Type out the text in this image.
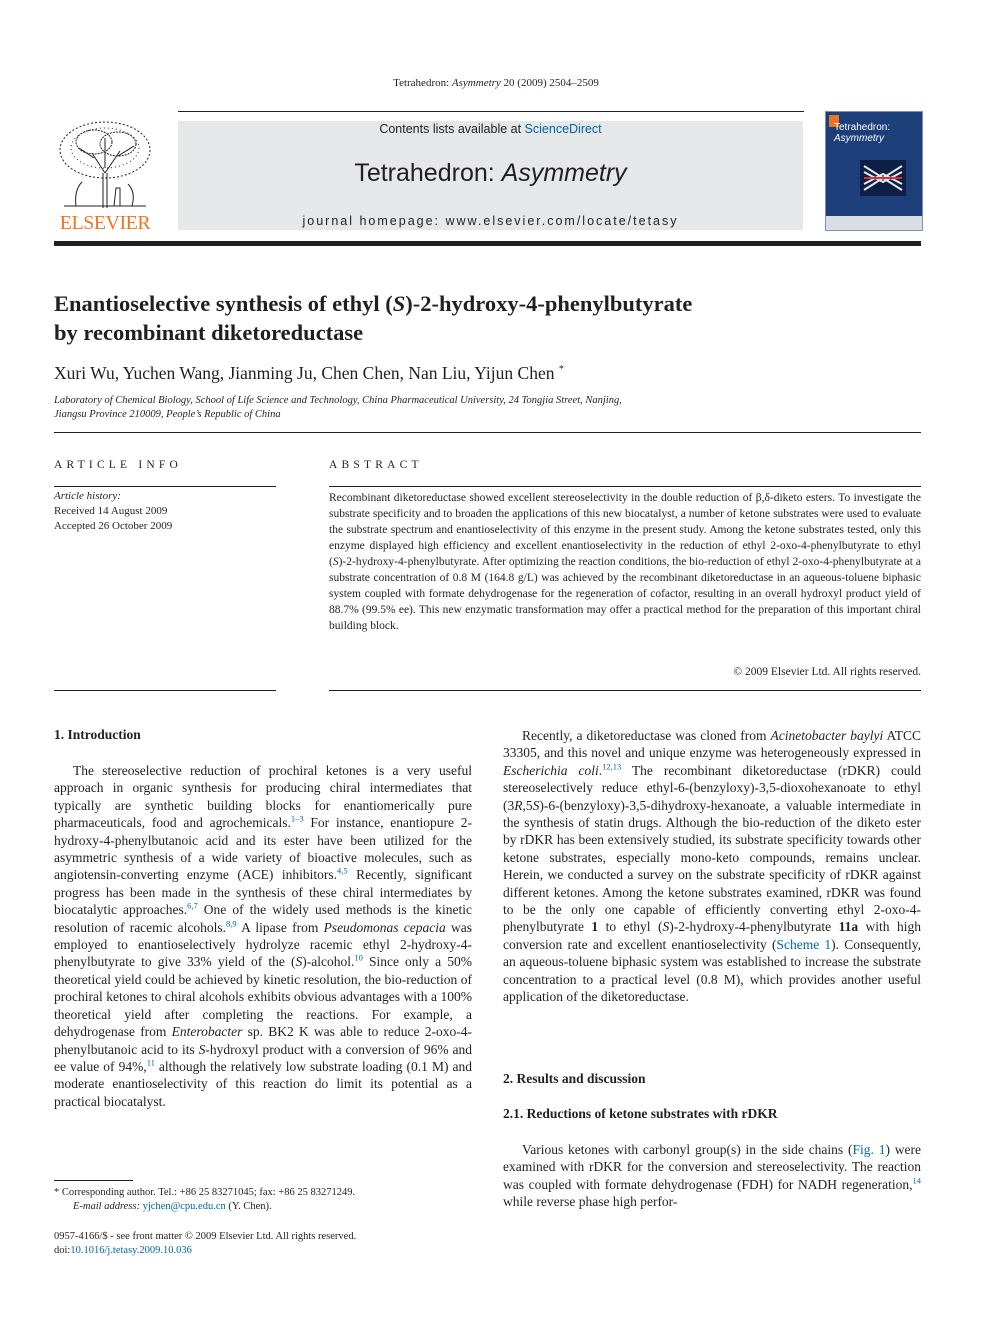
Tetrahedron: Asymmetry 20 (2009) 2504–2509
ELSEVIER
Contents lists available at ScienceDirect
Tetrahedron: Asymmetry
journal homepage: www.elsevier.com/locate/tetasy
Tetrahedron:
Asymmetry
Enantioselective synthesis of ethyl (S)-2-hydroxy-4-phenylbutyrate
by recombinant diketoreductase
Xuri Wu, Yuchen Wang, Jianming Ju, Chen Chen, Nan Liu, Yijun Chen *
Laboratory of Chemical Biology, School of Life Science and Technology, China Pharmaceutical University, 24 Tongjia Street, Nanjing,
Jiangsu Province 210009, People’s Republic of China
ARTICLE INFO
Article history:
Received 14 August 2009
Accepted 26 October 2009
ABSTRACT
Recombinant diketoreductase showed excellent stereoselectivity in the double reduction of β,δ-diketo esters. To investigate the substrate specificity and to broaden the applications of this new biocatalyst, a number of ketone substrates were used to evaluate the substrate spectrum and enantioselectivity of this enzyme in the present study. Among the ketone substrates tested, only this enzyme displayed high efficiency and excellent enantioselectivity in the reduction of ethyl 2-oxo-4-phenylbutyrate to ethyl (S)-2-hydroxy-4-phenylbutyrate. After optimizing the reaction conditions, the bio-reduction of ethyl 2-oxo-4-phenylbutyrate at a substrate concentration of 0.8 M (164.8 g/L) was achieved by the recombinant diketoreductase in an aqueous-toluene biphasic system coupled with formate dehydrogenase for the regeneration of cofactor, resulting in an overall hydroxyl product yield of 88.7% (99.5% ee). This new enzymatic transformation may offer a practical method for the preparation of this important chiral building block.
© 2009 Elsevier Ltd. All rights reserved.
1. Introduction

The stereoselective reduction of prochiral ketones is a very useful approach in organic synthesis for producing chiral intermediates that typically are synthetic building blocks for enantiomerically pure pharmaceuticals, food and agrochemicals.$^{1-3}$ For instance, enantiopure 2-hydroxy-4-phenylbutanoic acid and its ester have been utilized for the asymmetric synthesis of a wide variety of bioactive molecules, such as angiotensin-converting enzyme (ACE) inhibitors.$^{4,5}$ Recently, significant progress has been made in the synthesis of these chiral intermediates by biocatalytic approaches.$^{6,7}$ One of the widely used methods is the kinetic resolution of racemic alcohols.$^{8,9}$ A lipase from Pseudomonas cepacia was employed to enantioselectively hydrolyze racemic ethyl 2-hydroxy-4-phenylbutyrate to give 33% yield of the (S)-alcohol.$^{10}$ Since only a 50% theoretical yield could be achieved by kinetic resolution, the bio-reduction of prochiral ketones to chiral alcohols exhibits obvious advantages with a 100% theoretical yield after completing the reactions. For example, a dehydrogenase from Enterobacter sp. BK2 K was able to reduce 2-oxo-4-phenylbutanoic acid to its S-hydroxyl product with a conversion of 96% and ee value of 94%,$^{11}$ although the relatively low substrate loading (0.1 M) and moderate enantioselectivity of this reaction do limit its potential as a practical biocatalyst.

Recently, a diketoreductase was cloned from Acinetobacter baylyi ATCC 33305, and this novel and unique enzyme was heterogeneously expressed in Escherichia coli.$^{12,13}$ The recombinant diketoreductase (rDKR) could stereoselectively reduce ethyl-6-(benzyloxy)-3,5-dioxohexanoate to ethyl (3R,5S)-6-(benzyloxy)-3,5-dihydroxy-hexanoate, a valuable intermediate in the synthesis of statin drugs. Although the bio-reduction of the diketo ester by rDKR has been extensively studied, its substrate specificity towards other ketone substrates, especially mono-keto compounds, remains unclear. Herein, we conducted a survey on the substrate specificity of rDKR against different ketones. Among the ketone substrates examined, rDKR was found to be the only one capable of efficiently converting ethyl 2-oxo-4-phenylbutyrate 1 to ethyl (S)-2-hydroxy-4-phenylbutyrate 11a with high conversion rate and excellent enantioselectivity (Scheme 1). Consequently, an aqueous-toluene biphasic system was established to increase the substrate concentration to a practical level (0.8 M), which provides another useful application of the diketoreductase.

2. Results and discussion
2.1. Reductions of ketone substrates with rDKR

Various ketones with carbonyl group(s) in the side chains (Fig. 1) were examined with rDKR for the conversion and stereoselectivity. The reaction was coupled with formate dehydrogenase (FDH) for NADH regeneration,$^{14}$ while reverse phase high perfor-

* Corresponding author. Tel.: +86 25 83271045; fax: +86 25 83271249.
E-mail address: yjchen@cpu.edu.cn (Y. Chen).
0957-4166/$ - see front matter © 2009 Elsevier Ltd. All rights reserved.
doi:10.1016/j.tetasy.2009.10.036
